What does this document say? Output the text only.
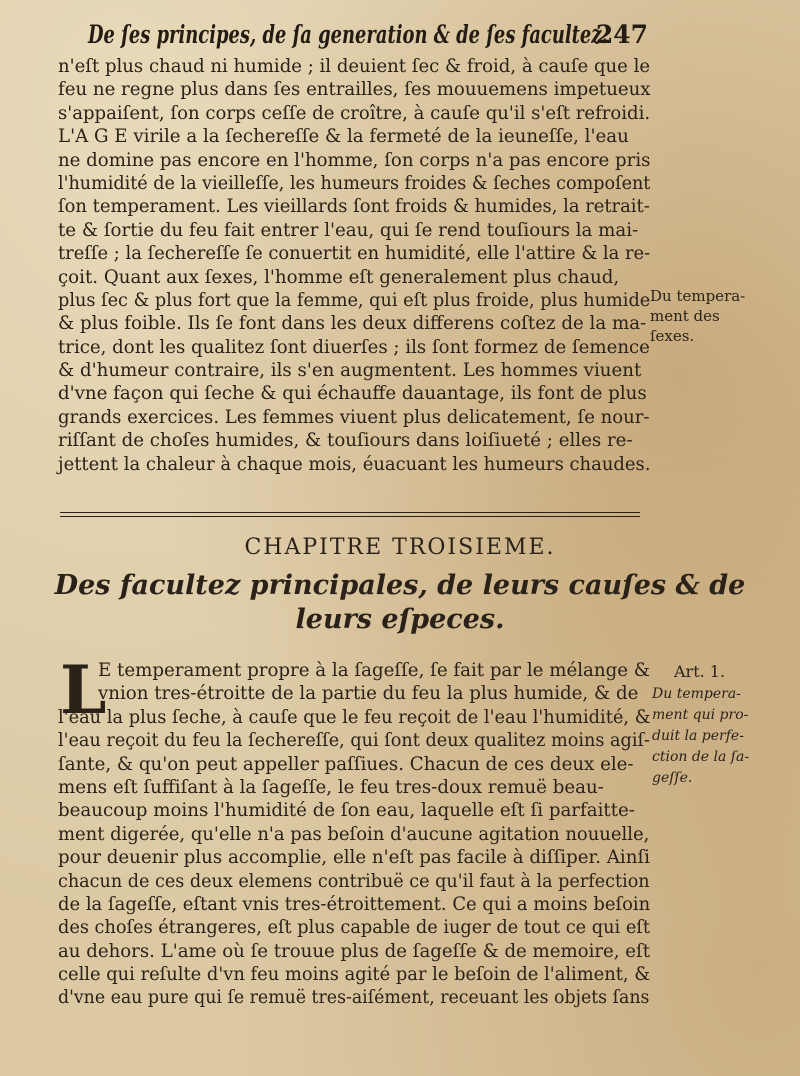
De ſes principes, de ſa generation & de ſes facultez.
247
n'eſt plus chaud ni humide ; il deuient ſec & froid, à cauſe que le
feu ne regne plus dans ſes entrailles, ſes mouuemens impetueux
s'appaiſent, ſon corps ceſſe de croître, à cauſe qu'il s'eſt refroidi.
L'A G E virile a la ſechereſſe & la fermeté de la ieuneſſe, l'eau
ne domine pas encore en l'homme, ſon corps n'a pas encore pris
l'humidité de la vieilleſſe, les humeurs froides & ſeches compoſent
ſon temperament. Les vieillards ſont froids & humides, la retrait-
te & ſortie du feu fait entrer l'eau, qui ſe rend touſiours la mai-
treſſe ; la ſechereſſe ſe conuertit en humidité, elle l'attire & la re-
çoit. Quant aux ſexes, l'homme eſt generalement plus chaud,
plus ſec & plus fort que la femme, qui eſt plus froide, plus humide
& plus foible. Ils ſe font dans les deux differens coſtez de la ma-
trice, dont les qualitez ſont diuerſes ; ils ſont formez de ſemence
& d'humeur contraire, ils s'en augmentent. Les hommes viuent
d'vne façon qui ſeche & qui échauffe dauantage, ils font de plus
grands exercices. Les femmes viuent plus delicatement, ſe nour-
riſſant de choſes humides, & touſiours dans loiſiueté ; elles re-
jettent la chaleur à chaque mois, éuacuant les humeurs chaudes.
Du temperа-
ment des
ſexes.
CHAPITRE TROISIEME.
Des facultez principales, de leurs cauſes & de
leurs eſpeces.
L
E temperament propre à la ſageſſe, ſe fait par le mélange &
vnion tres-étroitte de la partie du feu la plus humide, & de
l'eau la plus ſeche, à cauſe que le feu reçoit de l'eau l'humidité, &
l'eau reçoit du feu la ſechereſſe, qui ſont deux qualitez moins agiſ-
ſante, & qu'on peut appeller paſſiues. Chacun de ces deux ele-
mens eſt ſuffiſant à la ſageſſe, le feu tres-doux remuë beau-
beaucoup moins l'humidité de ſon eau, laquelle eſt ſi parfaitte-
ment digerée, qu'elle n'a pas beſoin d'aucune agitation nouuelle,
pour deuenir plus accomplie, elle n'eſt pas facile à diſſiper. Ainſi
chacun de ces deux elemens contribuë ce qu'il faut à la perfection
de la ſageſſe, eſtant vnis tres-étroittement. Ce qui a moins beſoin
des choſes étrangeres, eſt plus capable de iuger de tout ce qui eſt
au dehors. L'ame où ſe trouue plus de ſageſſe & de memoire, eſt
celle qui reſulte d'vn feu moins agité par le beſoin de l'aliment, &
d'vne eau pure qui ſe remuë tres-aiſément, receuant les objets ſans
Art. 1.
Du tempera-
ment qui pro-
duit la perfe-
ction de la ſa-
geſſe.
